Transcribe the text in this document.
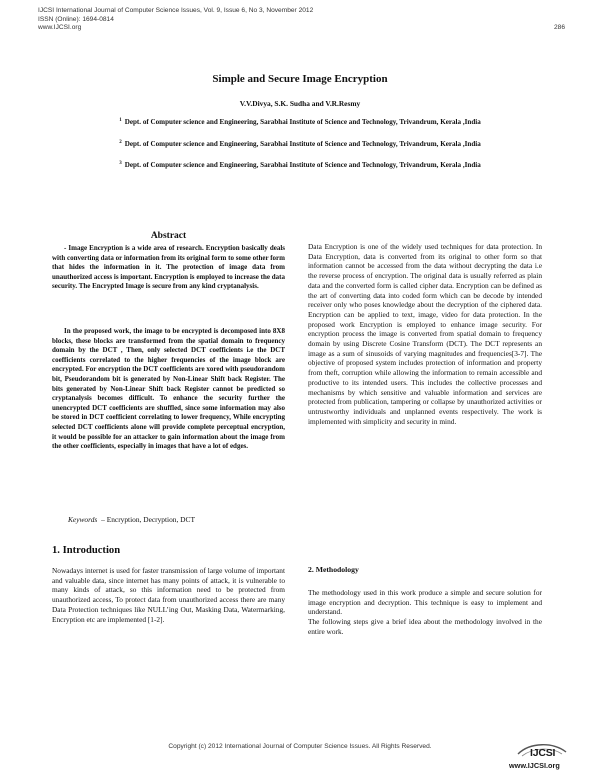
IJCSI International Journal of Computer Science Issues, Vol. 9, Issue 6, No 3, November 2012
ISSN (Online): 1694-0814
www.IJCSI.org	286
Simple and Secure Image Encryption
V.V.Divya, S.K. Sudha and V.R.Resmy
$^1$ Dept. of Computer science and Engineering, Sarabhai Institute of Science and Technology, Trivandrum, Kerala ,India
$^2$ Dept. of Computer science and Engineering, Sarabhai Institute of Science and Technology, Trivandrum, Kerala ,India
$^3$ Dept. of Computer science and Engineering, Sarabhai Institute of Science and Technology, Trivandrum, Kerala ,India
Abstract
- Image Encryption is a wide area of research. Encryption basically deals with converting data or information from its original form to some other form that hides the information in it. The protection of image data from unauthorized access is important. Encryption is employed to increase the data security. The Encrypted Image is secure from any kind cryptanalysis.
In the proposed work, the image to be encrypted is decomposed into 8X8 blocks, these blocks are transformed from the spatial domain to frequency domain by the DCT , Then, only selected DCT coefficients i.e the DCT coefficients correlated to the higher frequencies of the image block are encrypted. For encryption the DCT coefficients are xored with pseudorandom bit, Pseudorandom bit is generated by Non-Linear Shift back Register. The bits generated by Non-Linear Shift back Register cannot be predicted so cryptanalysis becomes difficult. To enhance the security further the unencrypted DCT coefficients are shuffled, since some information may also be stored in DCT coefficient correlating to lower frequency, While encrypting selected DCT coefficients alone will provide complete perceptual encryption, it would be possible for an attacker to gain information about the image from the other coefficients, especially in images that have a lot of edges.
Keywords – Encryption, Decryption, DCT
1. Introduction
Nowadays internet is used for faster transmission of large volume of important and valuable data, since internet has many points of attack, it is vulnerable to many kinds of attack, so this information need to be protected from unauthorized access, To protect data from unauthorized access there are many Data Protection techniques like NULL’ing Out, Masking Data, Watermarking, Encryption etc are implemented [1-2].
Data Encryption is one of the widely used techniques for data protection. In Data Encryption, data is converted from its original to other form so that information cannot be accessed from the data without decrypting the data i.e the reverse process of encryption. The original data is usually referred as plain data and the converted form is called cipher data. Encryption can be defined as the art of converting data into coded form which can be decode by intended receiver only who poses knowledge about the decryption of the ciphered data. Encryption can be applied to text, image, video for data protection. In the proposed work Encryption is employed to enhance image security. For encryption process the image is converted from spatial domain to frequency domain by using Discrete Cosine Transform (DCT). The DCT represents an image as a sum of sinusoids of varying magnitudes and frequencies[3-7]. The objective of proposed system includes protection of information and property from theft, corruption while allowing the information to remain accessible and productive to its intended users. This includes the collective processes and mechanisms by which sensitive and valuable information and services are protected from publication, tampering or collapse by unauthorized activities or untrustworthy individuals and unplanned events respectively. The work is implemented with simplicity and security in mind.
2. Methodology

The methodology used in this work produce a simple and secure solution for image encryption and decryption. This technique is easy to implement and understand.

The following steps give a brief idea about the methodology involved in the entire work.

Copyright (c) 2012 International Journal of Computer Science Issues. All Rights Reserved.
IJCSI
www.IJCSI.org
